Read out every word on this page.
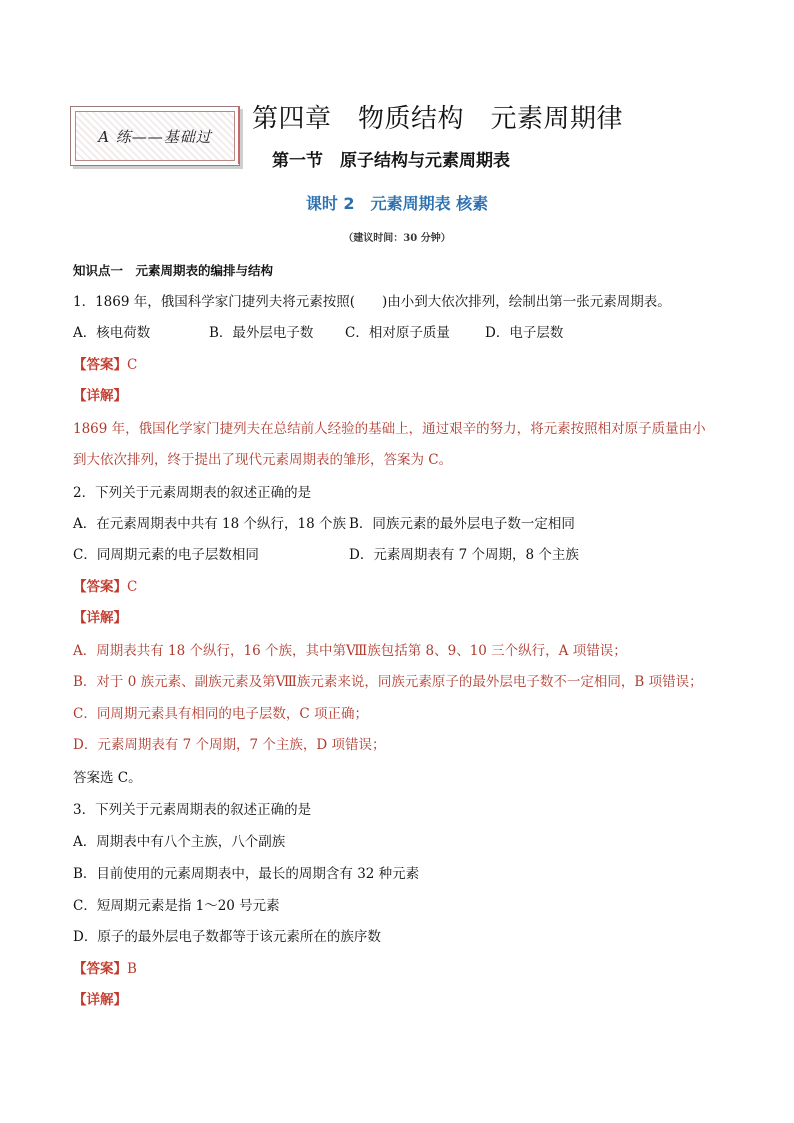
A 练——基础过
第四章　物质结构　元素周期律
第一节　原子结构与元素周期表
课时 2　元素周期表 核素
（建议时间：30 分钟）
知识点一　元素周期表的编排与结构
1．1869 年，俄国科学家门捷列夫将元素按照(　　)由小到大依次排列，绘制出第一张元素周期表。
A．核电荷数	B．最外层电子数 C．相对原子质量	D．电子层数
【答案】C
【详解】
1869 年，俄国化学家门捷列夫在总结前人经验的基础上，通过艰辛的努力，将元素按照相对原子质量由小
到大依次排列，终于提出了现代元素周期表的雏形，答案为 C。
2．下列关于元素周期表的叙述正确的是
A．在元素周期表中共有 18 个纵行，18 个族 B．同族元素的最外层电子数一定相同
C．同周期元素的电子层数相同	D．元素周期表有 7 个周期，8 个主族
【答案】C
【详解】
A．周期表共有 18 个纵行，16 个族，其中第Ⅷ族包括第 8、9、10 三个纵行，A 项错误；
B．对于 0 族元素、副族元素及第Ⅷ族元素来说，同族元素原子的最外层电子数不一定相同，B 项错误；
C．同周期元素具有相同的电子层数，C 项正确；
D．元素周期表有 7 个周期，7 个主族，D 项错误；
答案选 C。
3．下列关于元素周期表的叙述正确的是
A．周期表中有八个主族，八个副族
B．目前使用的元素周期表中，最长的周期含有 32 种元素
C．短周期元素是指 1～20 号元素
D．原子的最外层电子数都等于该元素所在的族序数
【答案】B
【详解】
